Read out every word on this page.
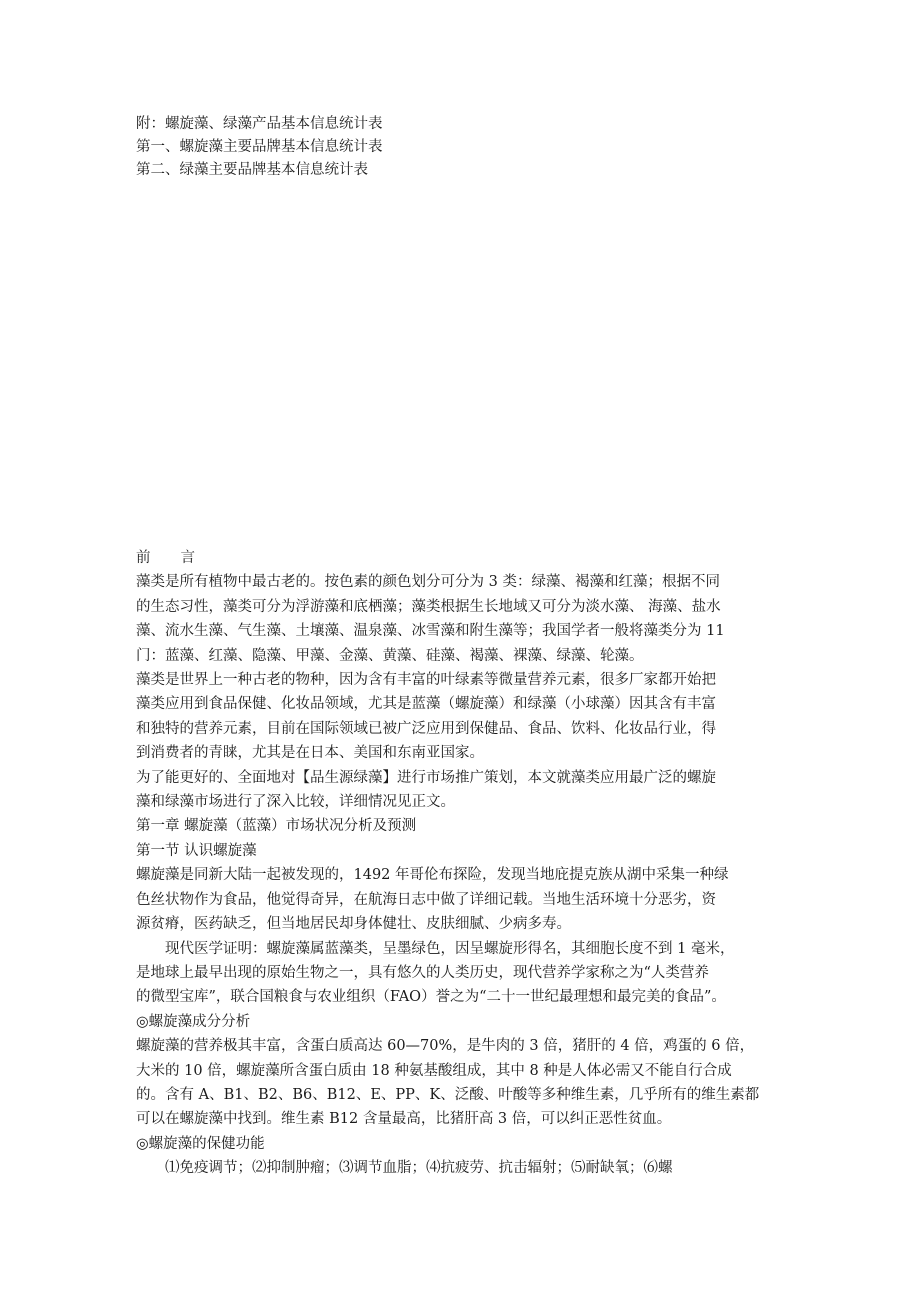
附：螺旋藻、绿藻产品基本信息统计表
第一、螺旋藻主要品牌基本信息统计表
第二、绿藻主要品牌基本信息统计表
前 言
藻类是所有植物中最古老的。按色素的颜色划分可分为 3 类：绿藻、褐藻和红藻；根据不同
的生态习性，藻类可分为浮游藻和底栖藻；藻类根据生长地域又可分为淡水藻、 海藻、盐水
藻、流水生藻、气生藻、土壤藻、温泉藻、冰雪藻和附生藻等；我国学者一般将藻类分为 11
门：蓝藻、红藻、隐藻、甲藻、金藻、黄藻、硅藻、褐藻、裸藻、绿藻、轮藻。
藻类是世界上一种古老的物种，因为含有丰富的叶绿素等微量营养元素，很多厂家都开始把
藻类应用到食品保健、化妆品领域，尤其是蓝藻（螺旋藻）和绿藻（小球藻）因其含有丰富
和独特的营养元素，目前在国际领域已被广泛应用到保健品、食品、饮料、化妆品行业，得
到消费者的青睐，尤其是在日本、美国和东南亚国家。
为了能更好的、全面地对【品生源绿藻】进行市场推广策划，本文就藻类应用最广泛的螺旋
藻和绿藻市场进行了深入比较，详细情况见正文。
第一章 螺旋藻（蓝藻）市场状况分析及预测
第一节 认识螺旋藻
螺旋藻是同新大陆一起被发现的，1492 年哥伦布探险，发现当地庇提克族从湖中采集一种绿
色丝状物作为食品，他觉得奇异，在航海日志中做了详细记载。当地生活环境十分恶劣，资
源贫瘠，医药缺乏，但当地居民却身体健壮、皮肤细腻、少病多寿。
　　现代医学证明：螺旋藻属蓝藻类，呈墨绿色，因呈螺旋形得名，其细胞长度不到 1 毫米，
是地球上最早出现的原始生物之一，具有悠久的人类历史，现代营养学家称之为“人类营养
的微型宝库”，联合国粮食与农业组织（FAO）誉之为“二十一世纪最理想和最完美的食品”。
◎螺旋藻成分分析
螺旋藻的营养极其丰富，含蛋白质高达 60—70%，是牛肉的 3 倍，猪肝的 4 倍，鸡蛋的 6 倍，
大米的 10 倍，螺旋藻所含蛋白质由 18 种氨基酸组成，其中 8 种是人体必需又不能自行合成
的。含有 A、B1、B2、B6、B12、E、PP、K、泛酸、叶酸等多种维生素，几乎所有的维生素都
可以在螺旋藻中找到。维生素 B12 含量最高，比猪肝高 3 倍，可以纠正恶性贫血。
◎螺旋藻的保健功能
　　⑴免疫调节；⑵抑制肿瘤；⑶调节血脂；⑷抗疲劳、抗击辐射；⑸耐缺氧；⑹螺
